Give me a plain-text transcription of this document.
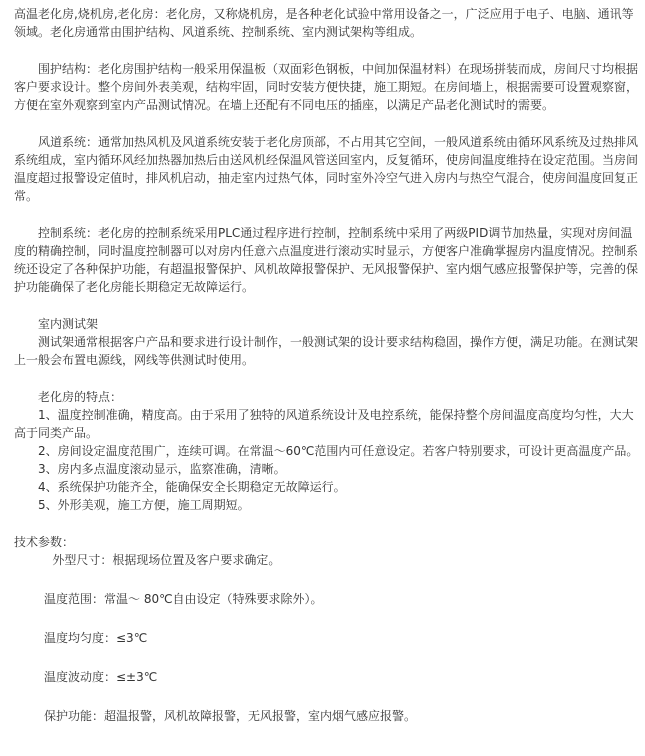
高温老化房,烧机房,老化房：老化房，又称烧机房，是各种老化试验中常用设备之一，广泛应用于电子、电脑、通讯等领域。老化房通常由围护结构、风道系统、控制系统、室内测试架构等组成。

围护结构：老化房围护结构一般采用保温板（双面彩色钢板，中间加保温材料）在现场拼装而成，房间尺寸均根据客户要求设计。整个房间外表美观，结构牢固，同时安装方便快捷，施工期短。在房间墙上，根据需要可设置观察窗，方便在室外观察到室内产品测试情况。在墙上还配有不同电压的插座，以满足产品老化测试时的需要。

风道系统：通常加热风机及风道系统安装于老化房顶部，不占用其它空间，一般风道系统由循环风系统及过热排风系统组成，室内循环风经加热器加热后由送风机经保温风管送回室内，反复循环，使房间温度维持在设定范围。当房间温度超过报警设定值时，排风机启动，抽走室内过热气体，同时室外冷空气进入房内与热空气混合，使房间温度回复正常。

控制系统：老化房的控制系统采用PLC通过程序进行控制，控制系统中采用了两级PID调节加热量，实现对房间温度的精确控制，同时温度控制器可以对房内任意六点温度进行滚动实时显示，方便客户准确掌握房内温度情况。控制系统还设定了各种保护功能，有超温报警保护、风机故障报警保护、无风报警保护、室内烟气感应报警保护等，完善的保护功能确保了老化房能长期稳定无故障运行。

室内测试架

测试架通常根据客户产品和要求进行设计制作，一般测试架的设计要求结构稳固，操作方便，满足功能。在测试架上一般会布置电源线，网线等供测试时使用。

老化房的特点：

1、温度控制准确，精度高。由于采用了独特的风道系统设计及电控系统，能保持整个房间温度高度均匀性，大大高于同类产品。

2、房间设定温度范围广，连续可调。在常温～60℃范围内可任意设定。若客户特别要求，可设计更高温度产品。

3、房内多点温度滚动显示，监察准确，清晰。

4、系统保护功能齐全，能确保安全长期稳定无故障运行。

5、外形美观，施工方便，施工周期短。

技术参数：

外型尺寸：根据现场位置及客户要求确定。

温度范围：常温～ 80℃自由设定（特殊要求除外）。

温度均匀度：≤3℃

温度波动度：≤±3℃

保护功能：超温报警，风机故障报警，无风报警，室内烟气感应报警。
